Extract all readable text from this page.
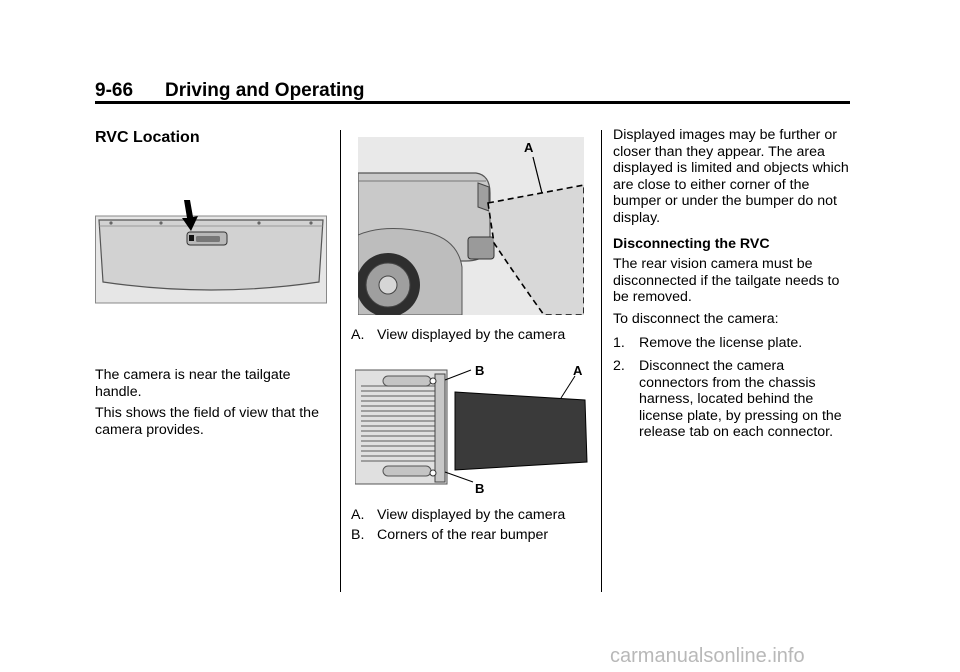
9-66 Driving and Operating
RVC Location
The camera is near the tailgate handle.
This shows the field of view that the camera provides.
A
A. View displayed by the camera
B
B
A
A. View displayed by the camera
B. Corners of the rear bumper
Displayed images may be further or closer than they appear. The area displayed is limited and objects which are close to either corner of the bumper or under the bumper do not display.
Disconnecting the RVC
The rear vision camera must be disconnected if the tailgate needs to be removed.
To disconnect the camera:
1. Remove the license plate.
2. Disconnect the camera connectors from the chassis harness, located behind the license plate, by pressing on the release tab on each connector.
carmanualsonline.info
